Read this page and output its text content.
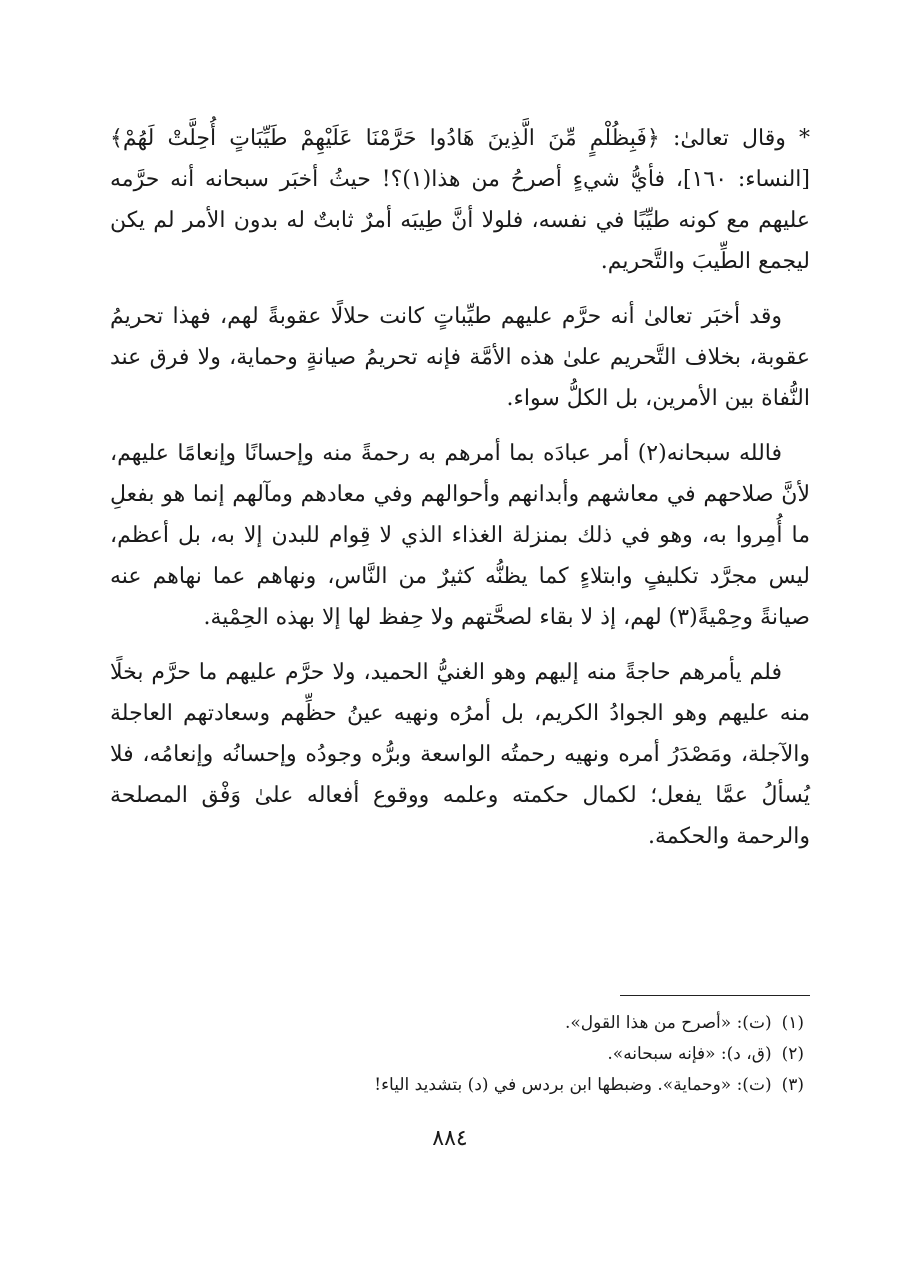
* وقال تعالىٰ: ﴿فَبِظُلْمٍ مِّنَ الَّذِينَ هَادُوا حَرَّمْنَا عَلَيْهِمْ طَيِّبَاتٍ أُحِلَّتْ لَهُمْ﴾ [النساء: ١٦٠]، فأيُّ شيءٍ أصرحُ من هذا(١)؟! حيثُ أخبَر سبحانه أنه حرَّمه عليهم مع كونه طيِّبًا في نفسه، فلولا أنَّ طِيبَه أمرٌ ثابتٌ له بدون الأمر لم يكن ليجمع الطِّيبَ والتَّحريم.

وقد أخبَر تعالىٰ أنه حرَّم عليهم طيِّباتٍ كانت حلالًا عقوبةً لهم، فهذا تحريمُ عقوبة، بخلاف التَّحريم علىٰ هذه الأمَّة فإنه تحريمُ صيانةٍ وحماية، ولا فرق عند النُّفاة بين الأمرين، بل الكلُّ سواء.

فالله سبحانه(٢) أمر عبادَه بما أمرهم به رحمةً منه وإحسانًا وإنعامًا عليهم، لأنَّ صلاحهم في معاشهم وأبدانهم وأحوالهم وفي معادهم ومآلهم إنما هو بفعلِ ما أُمِروا به، وهو في ذلك بمنزلة الغذاء الذي لا قِوام للبدن إلا به، بل أعظم، ليس مجرَّد تكليفٍ وابتلاءٍ كما يظنُّه كثيرٌ من النَّاس، ونهاهم عما نهاهم عنه صيانةً وحِمْيةً(٣) لهم، إذ لا بقاء لصحَّتهم ولا حِفظ لها إلا بهذه الحِمْية.

فلم يأمرهم حاجةً منه إليهم وهو الغنيُّ الحميد، ولا حرَّم عليهم ما حرَّم بخلًا منه عليهم وهو الجوادُ الكريم، بل أمرُه ونهيه عينُ حظِّهم وسعادتهم العاجلة والآجلة، ومَصْدَرُ أمره ونهيه رحمتُه الواسعة وبرُّه وجودُه وإحسانُه وإنعامُه، فلا يُسألُ عمَّا يفعل؛ لكمال حكمته وعلمه ووقوع أفعاله علىٰ وَفْق المصلحة والرحمة والحكمة.

(١)(ت): «أصرح من هذا القول».
(٢)(ق، د): «فإنه سبحانه».
(٣)(ت): «وحماية». وضبطها ابن بردس في (د) بتشديد الياء!
٨٨٤
